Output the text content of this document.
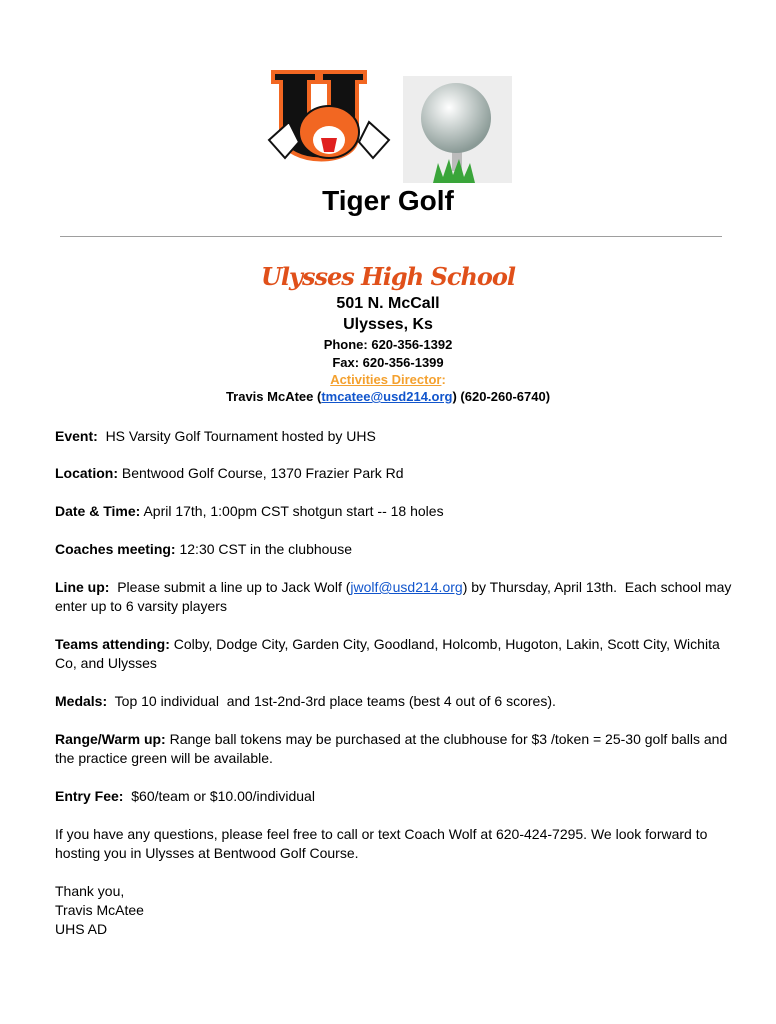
Tiger Golf
Ulysses High School
501 N. McCall
Ulysses, Ks
Phone: 620-356-1392
Fax: 620-356-1399
Activities Director:
Travis McAtee (tmcatee@usd214.org) (620-260-6740)
Event:  HS Varsity Golf Tournament hosted by UHS
Location: Bentwood Golf Course, 1370 Frazier Park Rd
Date & Time: April 17th, 1:00pm CST shotgun start -- 18 holes
Coaches meeting: 12:30 CST in the clubhouse
Line up:  Please submit a line up to Jack Wolf (jwolf@usd214.org) by Thursday, April 13th.  Each school may enter up to 6 varsity players
Teams attending: Colby, Dodge City, Garden City, Goodland, Holcomb, Hugoton, Lakin, Scott City, Wichita Co, and Ulysses
Medals:  Top 10 individual  and 1st-2nd-3rd place teams (best 4 out of 6 scores).
Range/Warm up: Range ball tokens may be purchased at the clubhouse for $3 /token = 25-30 golf balls and the practice green will be available.
Entry Fee:  $60/team or $10.00/individual
If you have any questions, please feel free to call or text Coach Wolf at 620-424-7295. We look forward to hosting you in Ulysses at Bentwood Golf Course.
Thank you,
Travis McAtee
UHS AD
